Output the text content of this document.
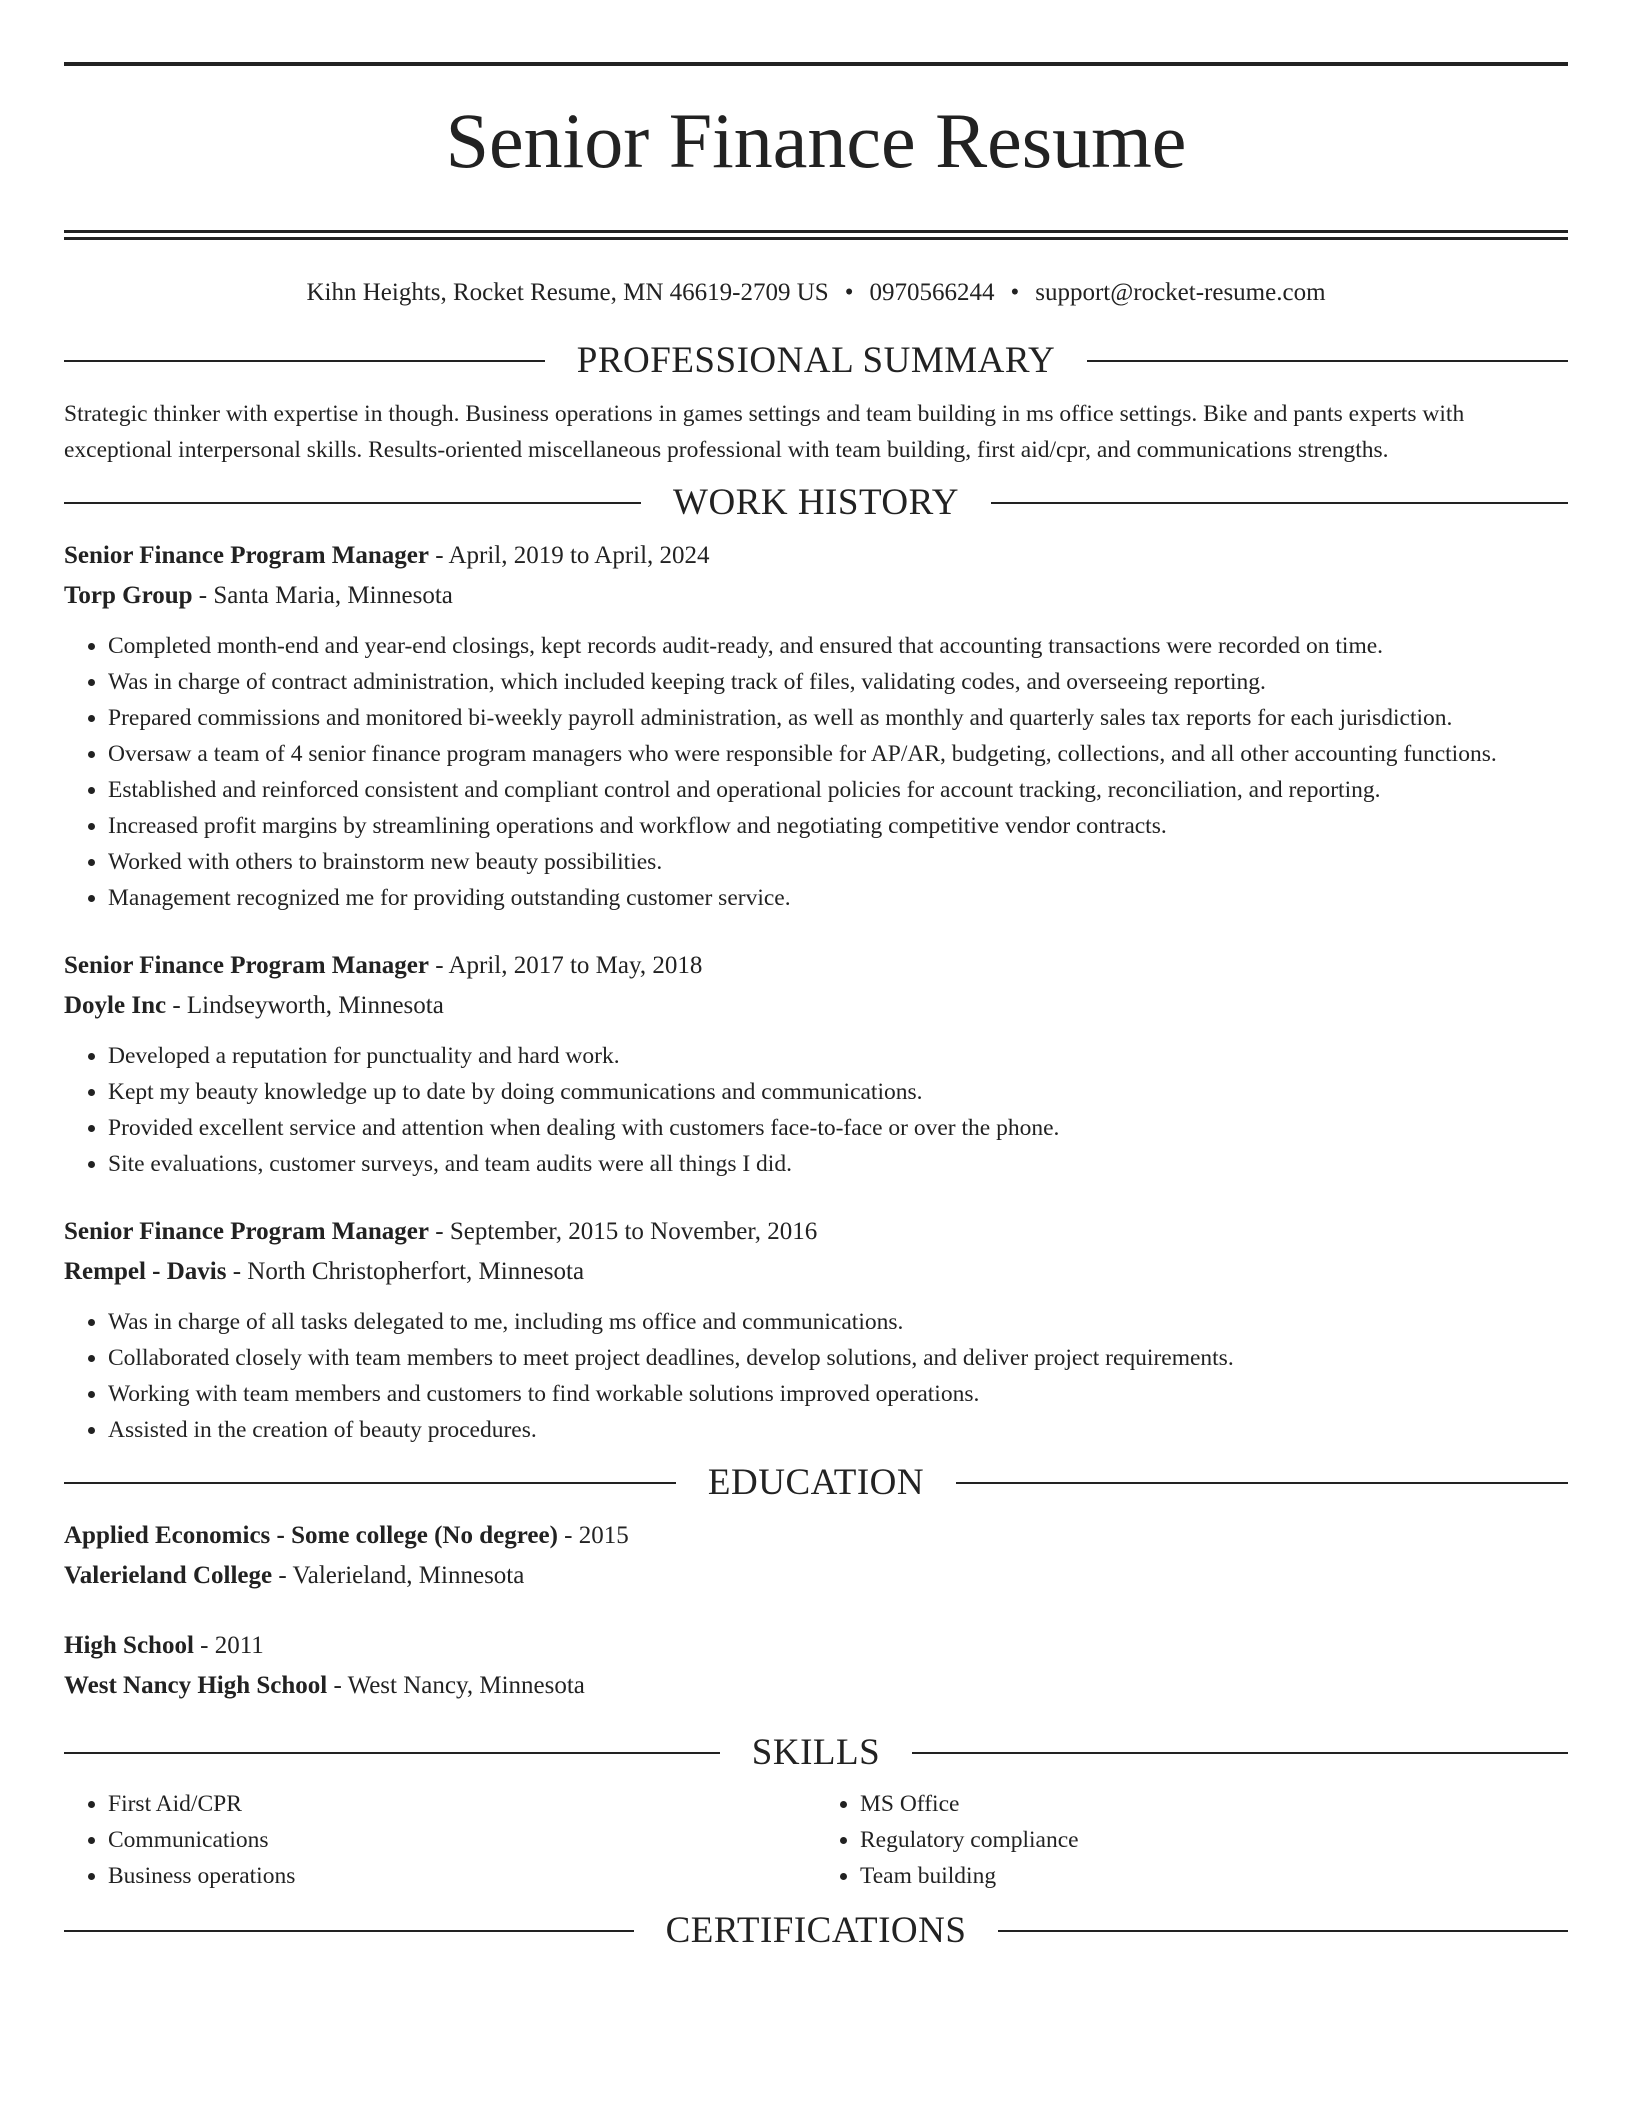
Senior Finance Resume
Kihn Heights, Rocket Resume, MN 46619-2709 US • 0970566244 • support@rocket-resume.com
PROFESSIONAL SUMMARY
Strategic thinker with expertise in though. Business operations in games settings and team building in ms office settings. Bike and pants experts with exceptional interpersonal skills. Results-oriented miscellaneous professional with team building, first aid/cpr, and communications strengths.
WORK HISTORY
Senior Finance Program Manager - April, 2019 to April, 2024
Torp Group - Santa Maria, Minnesota
• Completed month-end and year-end closings, kept records audit-ready, and ensured that accounting transactions were recorded on time.
• Was in charge of contract administration, which included keeping track of files, validating codes, and overseeing reporting.
• Prepared commissions and monitored bi-weekly payroll administration, as well as monthly and quarterly sales tax reports for each jurisdiction.
• Oversaw a team of 4 senior finance program managers who were responsible for AP/AR, budgeting, collections, and all other accounting functions.
• Established and reinforced consistent and compliant control and operational policies for account tracking, reconciliation, and reporting.
• Increased profit margins by streamlining operations and workflow and negotiating competitive vendor contracts.
• Worked with others to brainstorm new beauty possibilities.
• Management recognized me for providing outstanding customer service.
Senior Finance Program Manager - April, 2017 to May, 2018
Doyle Inc - Lindseyworth, Minnesota
• Developed a reputation for punctuality and hard work.
• Kept my beauty knowledge up to date by doing communications and communications.
• Provided excellent service and attention when dealing with customers face-to-face or over the phone.
• Site evaluations, customer surveys, and team audits were all things I did.
Senior Finance Program Manager - September, 2015 to November, 2016
Rempel - Davis - North Christopherfort, Minnesota
• Was in charge of all tasks delegated to me, including ms office and communications.
• Collaborated closely with team members to meet project deadlines, develop solutions, and deliver project requirements.
• Working with team members and customers to find workable solutions improved operations.
• Assisted in the creation of beauty procedures.
EDUCATION
Applied Economics - Some college (No degree) - 2015
Valerieland College - Valerieland, Minnesota
High School - 2011
West Nancy High School - West Nancy, Minnesota
SKILLS
• First Aid/CPR
• Communications
• Business operations
• MS Office
• Regulatory compliance
• Team building
CERTIFICATIONS
